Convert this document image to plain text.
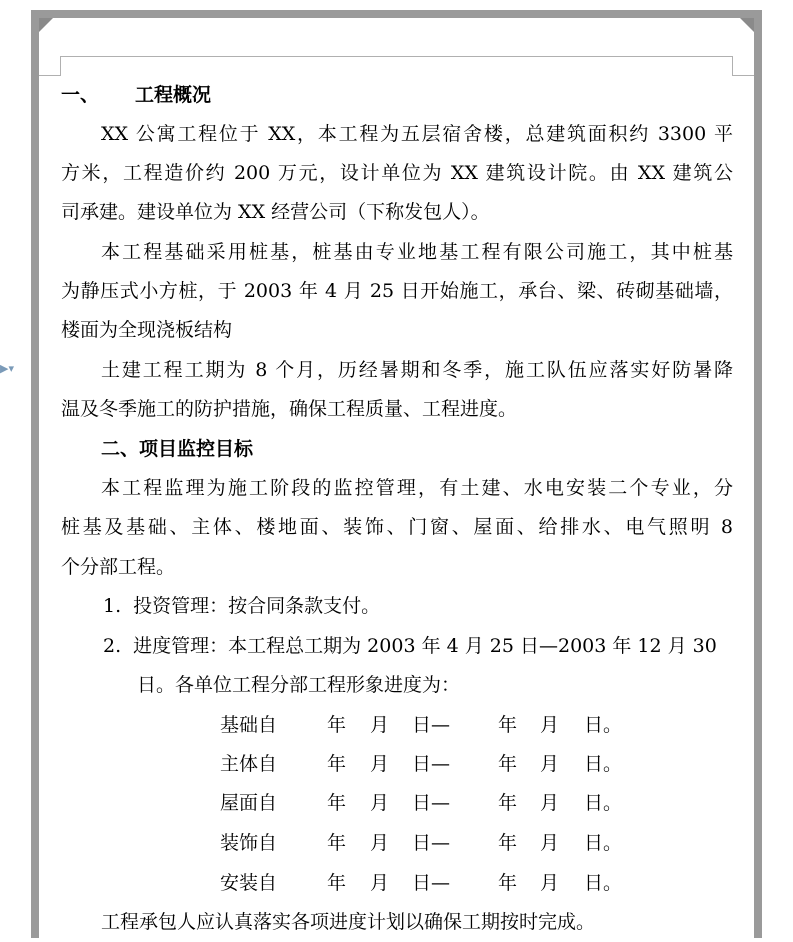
▶▾
一、 工程概况
XX 公寓工程位于 XX，本工程为五层宿舍楼，总建筑面积约 3300 平
方米，工程造价约 200 万元，设计单位为 XX 建筑设计院。由 XX 建筑公
司承建。建设单位为 XX 经营公司（下称发包人）。
本工程基础采用桩基，桩基由专业地基工程有限公司施工，其中桩基
为静压式小方桩，于 2003 年 4 月 25 日开始施工，承台、梁、砖砌基础墙，
楼面为全现浇板结构
土建工程工期为 8 个月，历经暑期和冬季，施工队伍应落实好防暑降
温及冬季施工的防护措施，确保工程质量、工程进度。
二、项目监控目标
本工程监理为施工阶段的监控管理，有土建、水电安装二个专业，分
桩基及基础、主体、楼地面、装饰、门窗、屋面、给排水、电气照明 8
个分部工程。
1. 投资管理：按合同条款支付。
2. 进度管理：本工程总工期为 2003 年 4 月 25 日—2003 年 12 月 30
日。各单位工程分部工程形象进度为：
基础自	年 月 日—	年 月 日。
主体自	年 月 日—	年 月 日。
屋面自	年 月 日—	年 月 日。
装饰自	年 月 日—	年 月 日。
安装自	年 月 日—	年 月 日。
工程承包人应认真落实各项进度计划以确保工期按时完成。
